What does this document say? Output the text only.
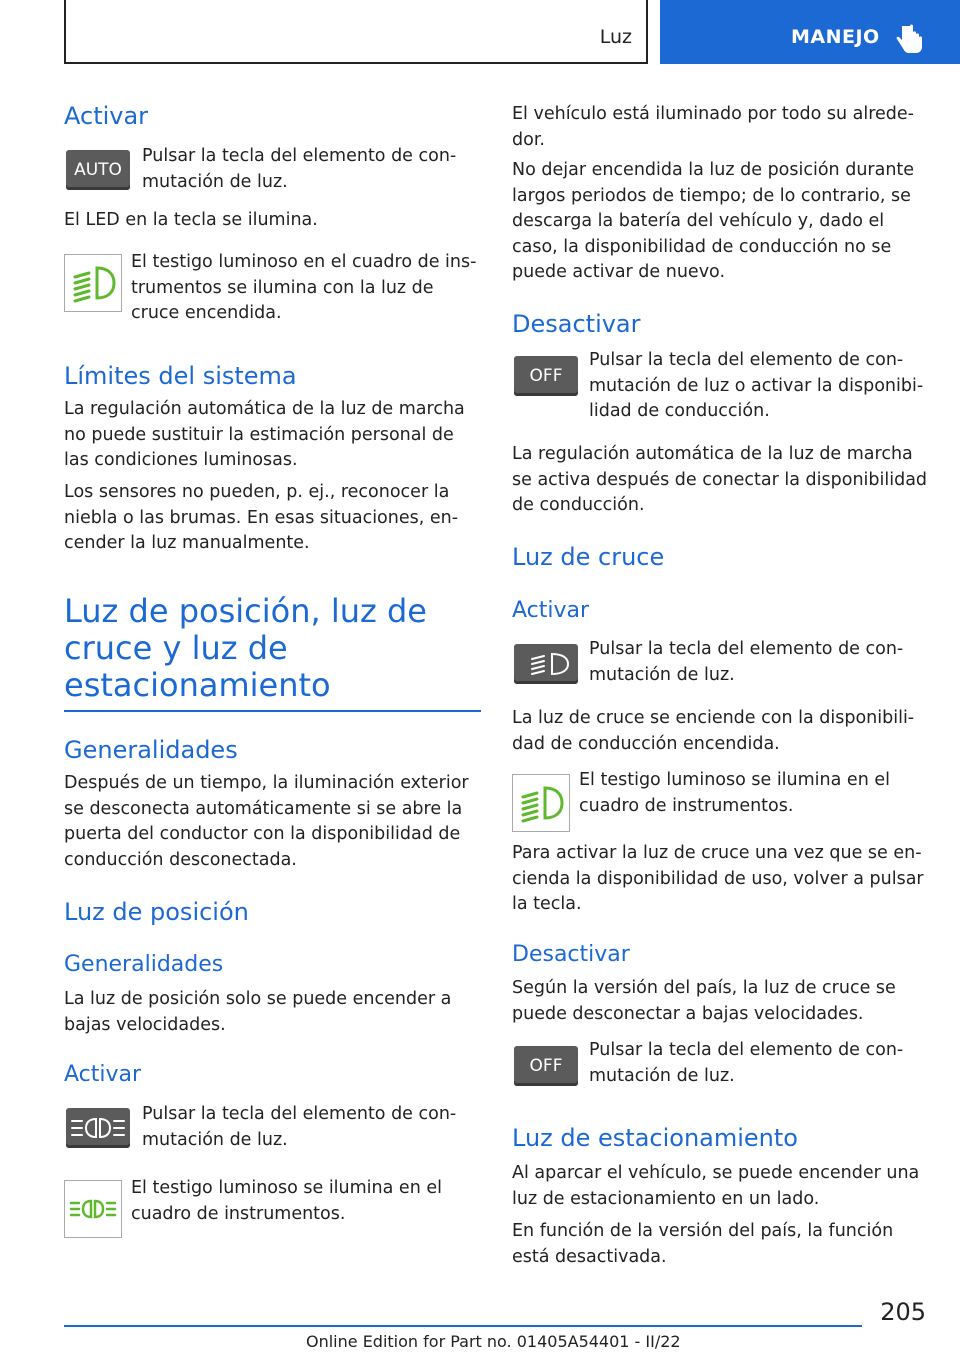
Luz	MANEJO
Activar
AUTO
Pulsar la tecla del elemento de con-
mutación de luz.
El LED en la tecla se ilumina.
El testigo luminoso en el cuadro de ins-
trumentos se ilumina con la luz de
cruce encendida.
Límites del sistema
La regulación automática de la luz de marcha
no puede sustituir la estimación personal de
las condiciones luminosas.
Los sensores no pueden, p. ej., reconocer la
niebla o las brumas. En esas situaciones, en-
cender la luz manualmente.
Luz de posición, luz de
cruce y luz de
estacionamiento
Generalidades
Después de un tiempo, la iluminación exterior
se desconecta automáticamente si se abre la
puerta del conductor con la disponibilidad de
conducción desconectada.
Luz de posición
Generalidades
La luz de posición solo se puede encender a
bajas velocidades.
Activar
Pulsar la tecla del elemento de con-
mutación de luz.
El testigo luminoso se ilumina en el
cuadro de instrumentos.
El vehículo está iluminado por todo su alrede-
dor.
No dejar encendida la luz de posición durante
largos periodos de tiempo; de lo contrario, se
descarga la batería del vehículo y, dado el
caso, la disponibilidad de conducción no se
puede activar de nuevo.
Desactivar
OFF
Pulsar la tecla del elemento de con-
mutación de luz o activar la disponibi-
lidad de conducción.
La regulación automática de la luz de marcha
se activa después de conectar la disponibilidad
de conducción.
Luz de cruce
Activar
Pulsar la tecla del elemento de con-
mutación de luz.
La luz de cruce se enciende con la disponibili-
dad de conducción encendida.
El testigo luminoso se ilumina en el
cuadro de instrumentos.
Para activar la luz de cruce una vez que se en-
cienda la disponibilidad de uso, volver a pulsar
la tecla.
Desactivar
Según la versión del país, la luz de cruce se
puede desconectar a bajas velocidades.
OFF
Pulsar la tecla del elemento de con-
mutación de luz.
Luz de estacionamiento
Al aparcar el vehículo, se puede encender una
luz de estacionamiento en un lado.
En función de la versión del país, la función
está desactivada.
205
Online Edition for Part no. 01405A54401 - II/22
